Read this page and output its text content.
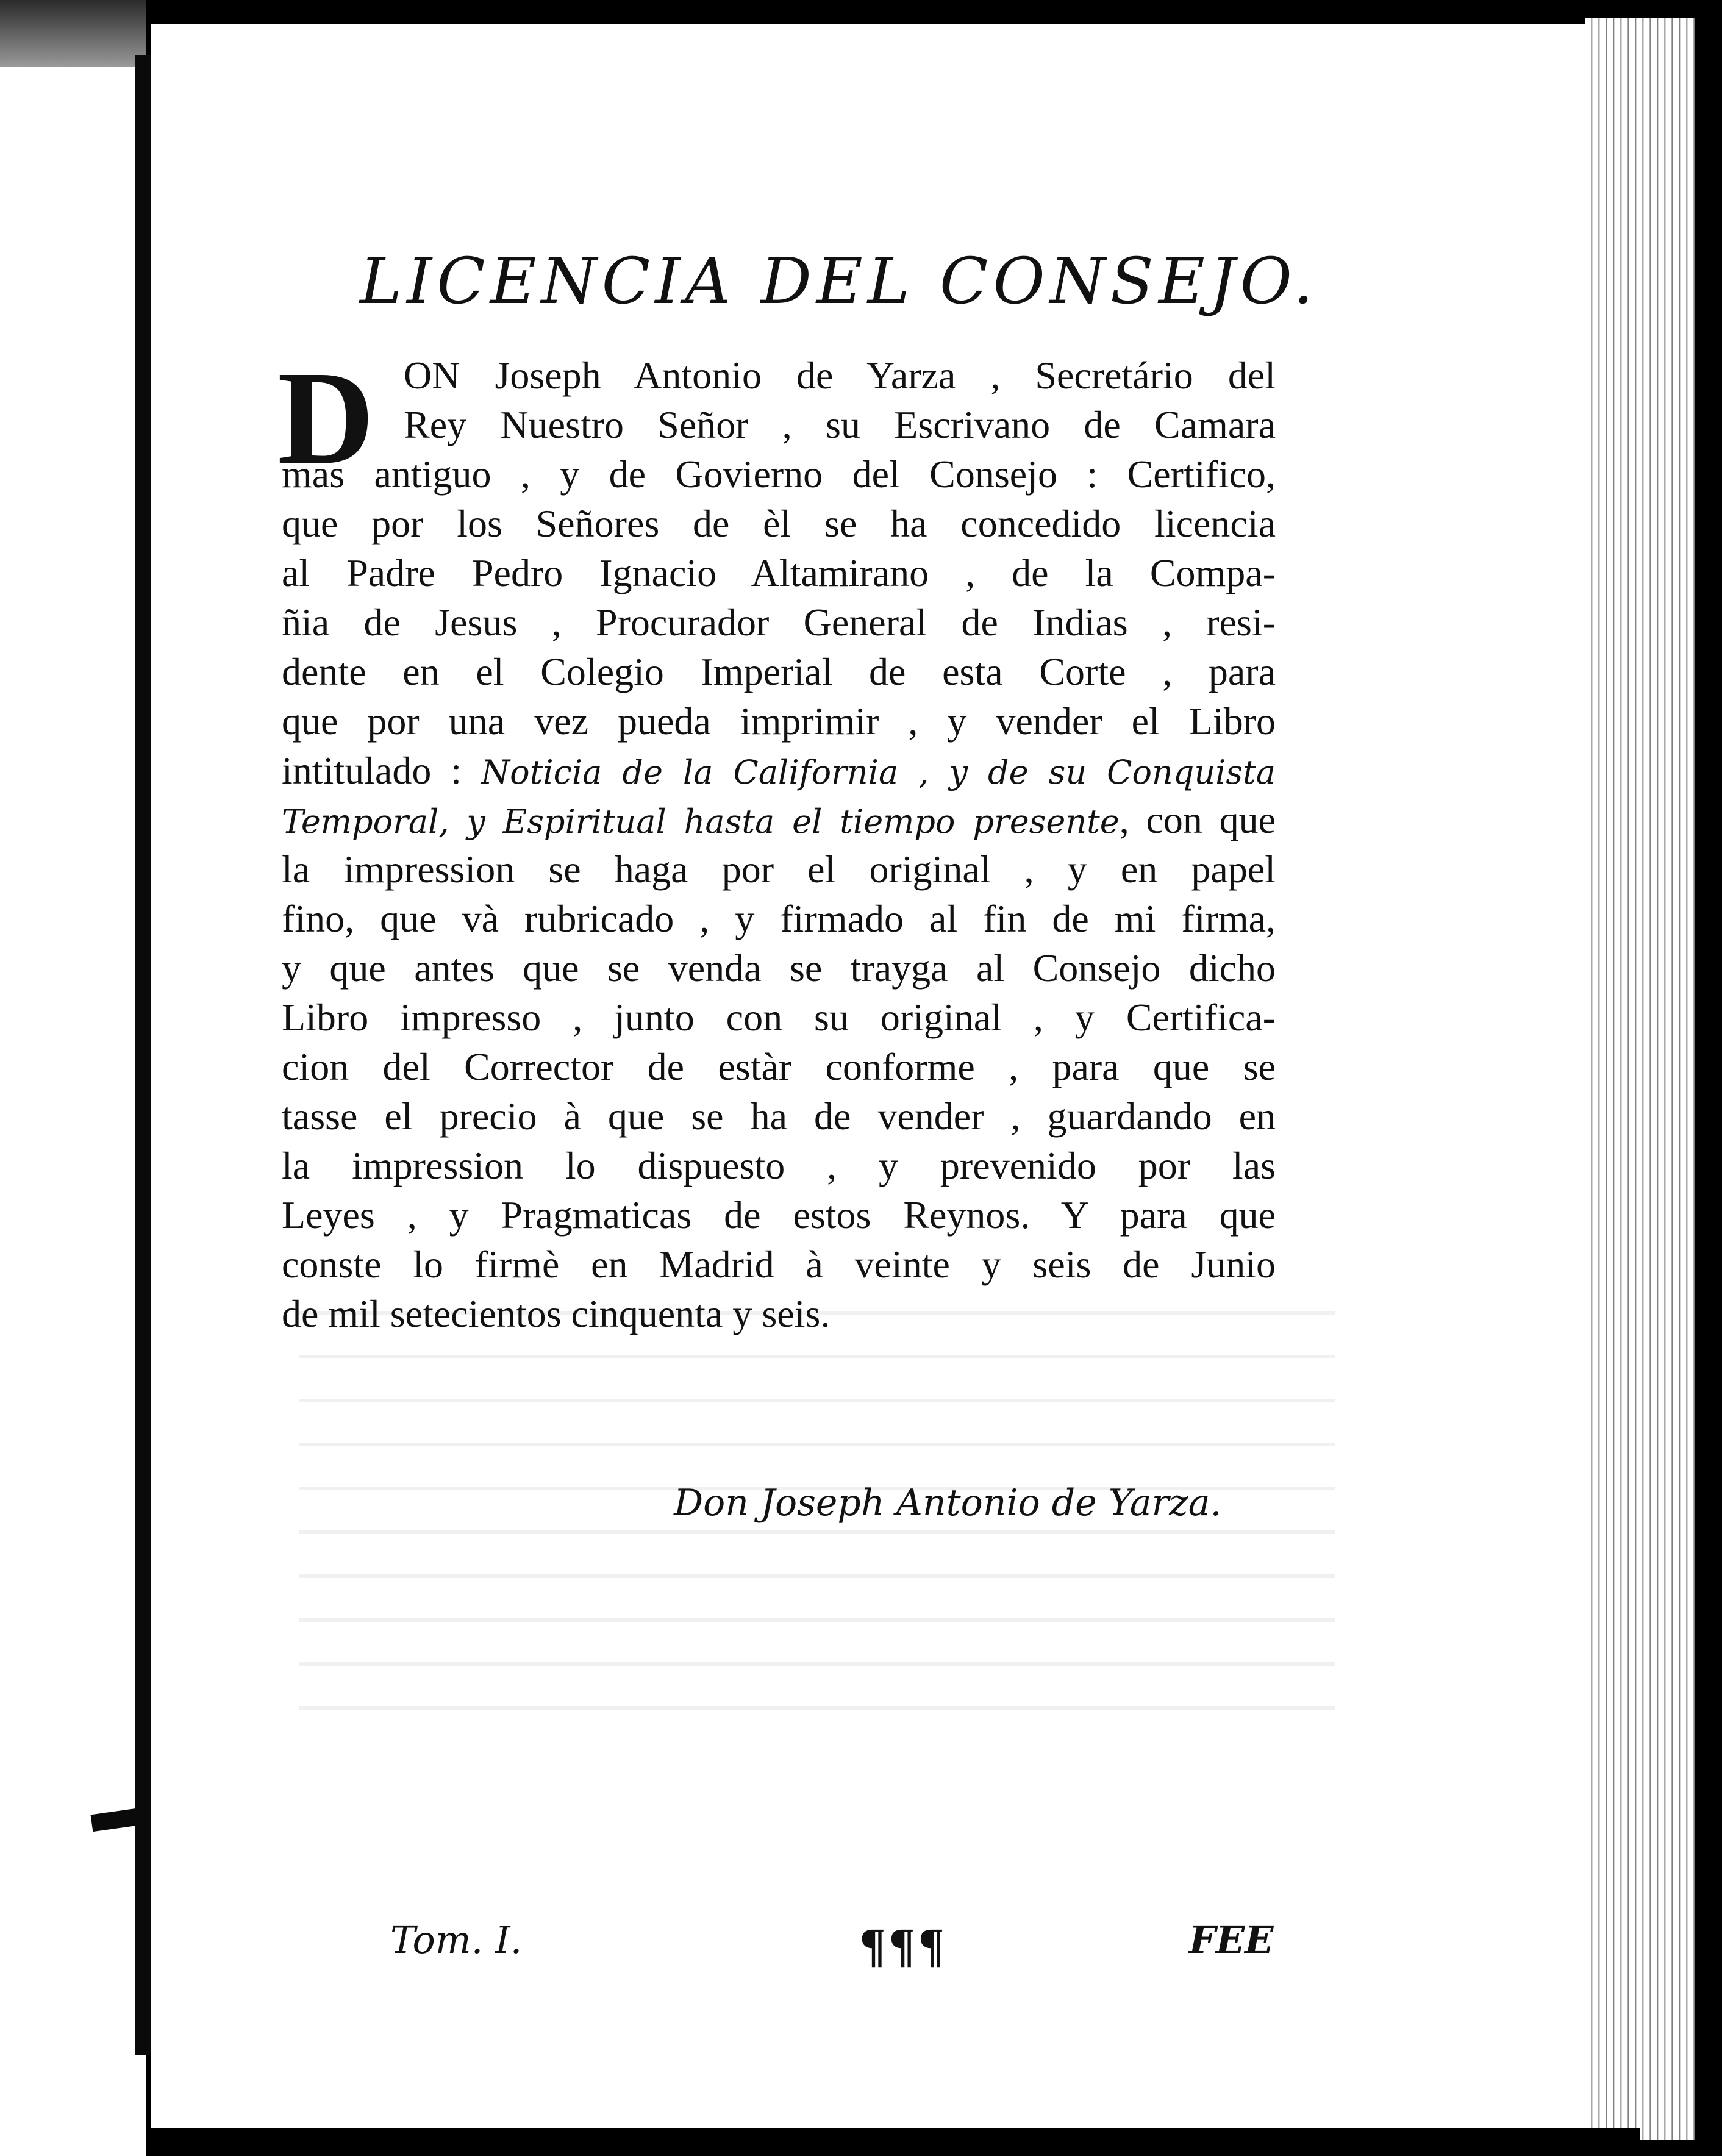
LICENCIA DEL CONSEJO.
D ON Joseph Antonio de Yarza , Secretário del
Rey Nuestro Señor , su Escrivano de Camara
mas antiguo , y de Govierno del Consejo : Certifico,
que por los Señores de èl se ha concedido licencia
al Padre Pedro Ignacio Altamirano , de la Compa-
ñia de Jesus , Procurador General de Indias , resi-
dente en el Colegio Imperial de esta Corte , para
que por una vez pueda imprimir , y vender el Libro
intitulado : Noticia de la California , y de su Conquista
Temporal, y Espiritual hasta el tiempo presente, con que
la impression se haga por el original , y en papel
fino, que và rubricado , y firmado al fin de mi firma,
y que antes que se venda se trayga al Consejo dicho
Libro impresso , junto con su original , y Certifica-
cion del Corrector de estàr conforme , para que se
tasse el precio à que se ha de vender , guardando en
la impression lo dispuesto , y prevenido por las
Leyes , y Pragmaticas de estos Reynos. Y para que
conste lo firmè en Madrid à veinte y seis de Junio
de mil setecientos cinquenta y seis.
Don Joseph Antonio de Yarza.
Tom. I.	¶¶¶	FEE
